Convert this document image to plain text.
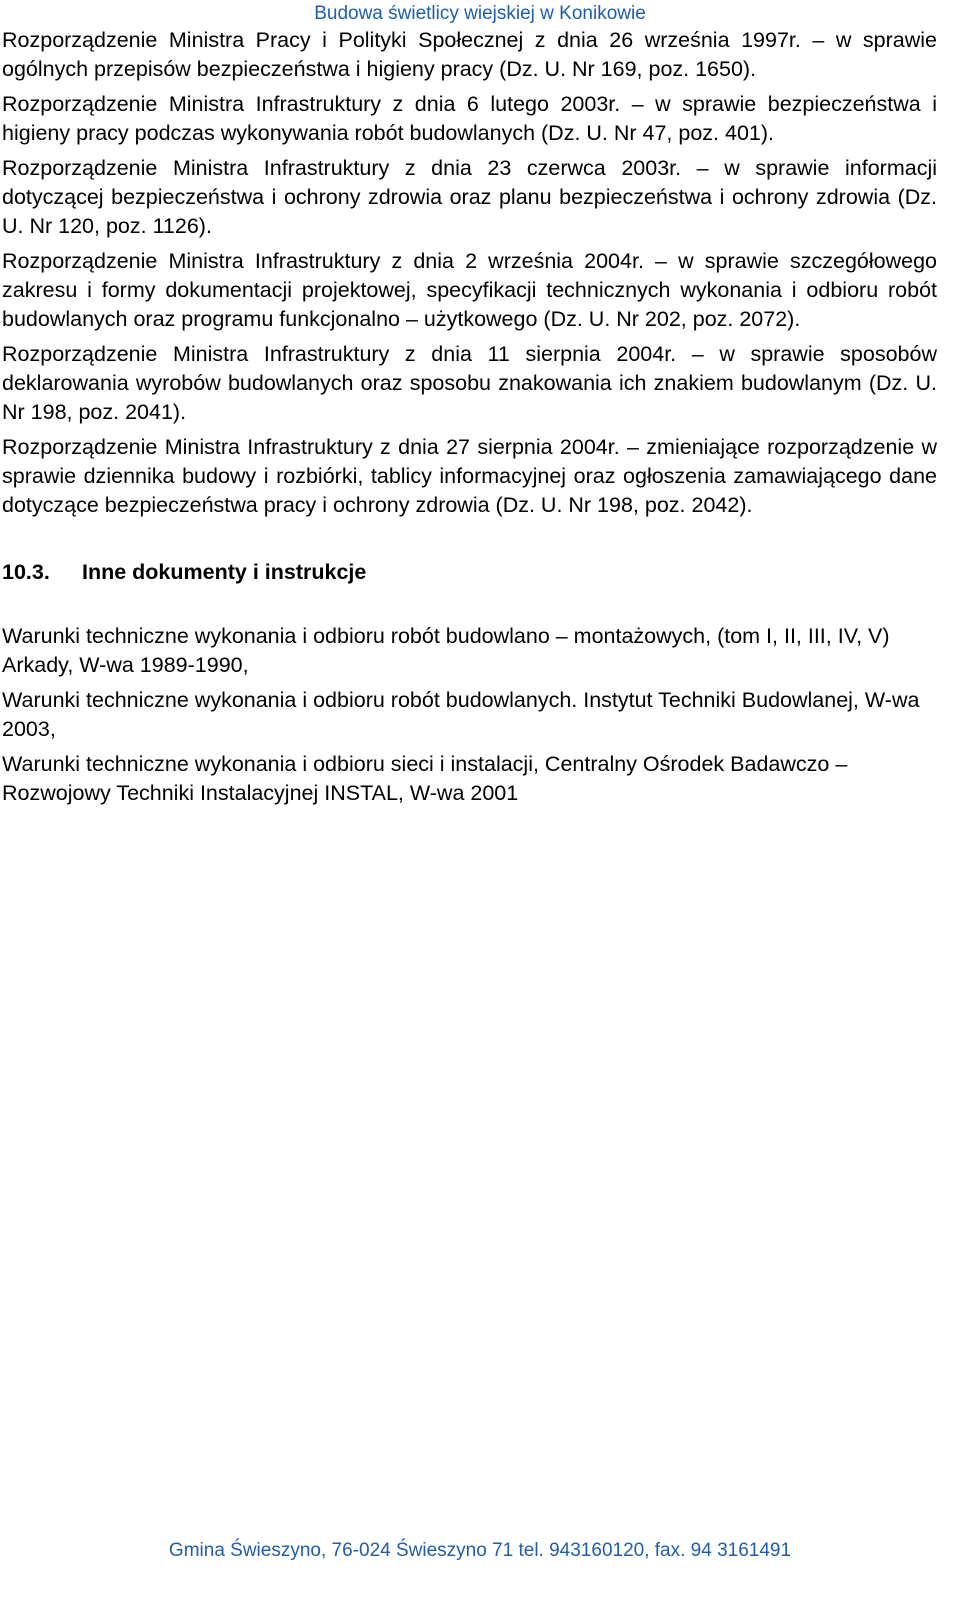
Budowa świetlicy wiejskiej w Konikowie

Rozporządzenie Ministra Pracy i Polityki Społecznej z dnia 26 września 1997r. – w sprawie ogólnych przepisów bezpieczeństwa i higieny pracy (Dz. U. Nr 169, poz. 1650).

Rozporządzenie Ministra Infrastruktury z dnia 6 lutego 2003r. – w sprawie bezpieczeństwa i higieny pracy podczas wykonywania robót budowlanych (Dz. U. Nr 47, poz. 401).

Rozporządzenie Ministra Infrastruktury z dnia 23 czerwca 2003r. – w sprawie informacji dotyczącej bezpieczeństwa i ochrony zdrowia oraz planu bezpieczeństwa i ochrony zdrowia (Dz. U. Nr 120, poz. 1126).

Rozporządzenie Ministra Infrastruktury z dnia 2 września 2004r. – w sprawie szczegółowego zakresu i formy dokumentacji projektowej, specyfikacji technicznych wykonania i odbioru robót budowlanych oraz programu funkcjonalno – użytkowego (Dz. U. Nr 202, poz. 2072).

Rozporządzenie Ministra Infrastruktury z dnia 11 sierpnia 2004r. – w sprawie sposobów deklarowania wyrobów budowlanych oraz sposobu znakowania ich znakiem budowlanym (Dz. U. Nr 198, poz. 2041).

Rozporządzenie Ministra Infrastruktury z dnia 27 sierpnia 2004r. – zmieniające rozporządzenie w sprawie dziennika budowy i rozbiórki, tablicy informacyjnej oraz ogłoszenia zamawiającego dane dotyczące bezpieczeństwa pracy i ochrony zdrowia (Dz. U. Nr 198, poz. 2042).

10.3. Inne dokumenty i instrukcje

Warunki techniczne wykonania i odbioru robót budowlano – montażowych, (tom I, II, III, IV, V) Arkady, W-wa 1989-1990,

Warunki techniczne wykonania i odbioru robót budowlanych. Instytut Techniki Budowlanej, W-wa 2003,

Warunki techniczne wykonania i odbioru sieci i instalacji, Centralny Ośrodek Badawczo – Rozwojowy Techniki Instalacyjnej INSTAL, W-wa 2001

Gmina Świeszyno, 76-024 Świeszyno 71 tel. 943160120, fax. 94 3161491
